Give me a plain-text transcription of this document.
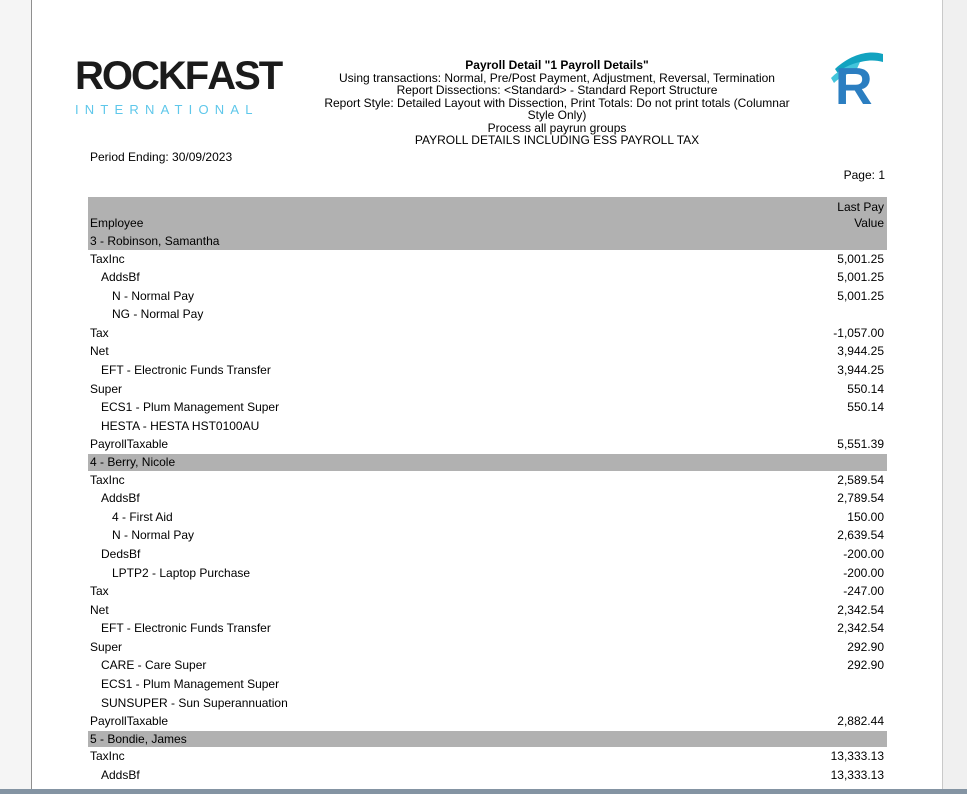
ROCKF
AST
INTERNATIONAL
Payroll Detail "1 Payroll Details"
Using transactions: Normal, Pre/Post Payment, Adjustment, Reversal, Termination
Report Dissections: <Standard> - Standard Report Structure
Report Style: Detailed Layout with Dissection, Print Totals: Do not print totals (Columnar
Style Only)
Process all payrun groups
PAYROLL DETAILS INCLUDING ESS PAYROLL TAX
R
Period Ending: 30/09/2023
Page: 1
Last Pay
Employee	Value
3 - Robinson, Samantha
TaxInc	5,001.25
AddsBf	5,001.25
N - Normal Pay	5,001.25
NG - Normal Pay
Tax	-1,057.00
Net	3,944.25
EFT - Electronic Funds Transfer	3,944.25
Super	550.14
ECS1 - Plum Management Super	550.14
HESTA - HESTA HST0100AU
PayrollTaxable	5,551.39
4 - Berry, Nicole
TaxInc	2,589.54
AddsBf	2,789.54
4 - First Aid	150.00
N - Normal Pay	2,639.54
DedsBf	-200.00
LPTP2 - Laptop Purchase	-200.00
Tax	-247.00
Net	2,342.54
EFT - Electronic Funds Transfer	2,342.54
Super	292.90
CARE - Care Super	292.90
ECS1 - Plum Management Super
SUNSUPER - Sun Superannuation
PayrollTaxable	2,882.44
5 - Bondie, James
TaxInc	13,333.13
AddsBf	13,333.13
